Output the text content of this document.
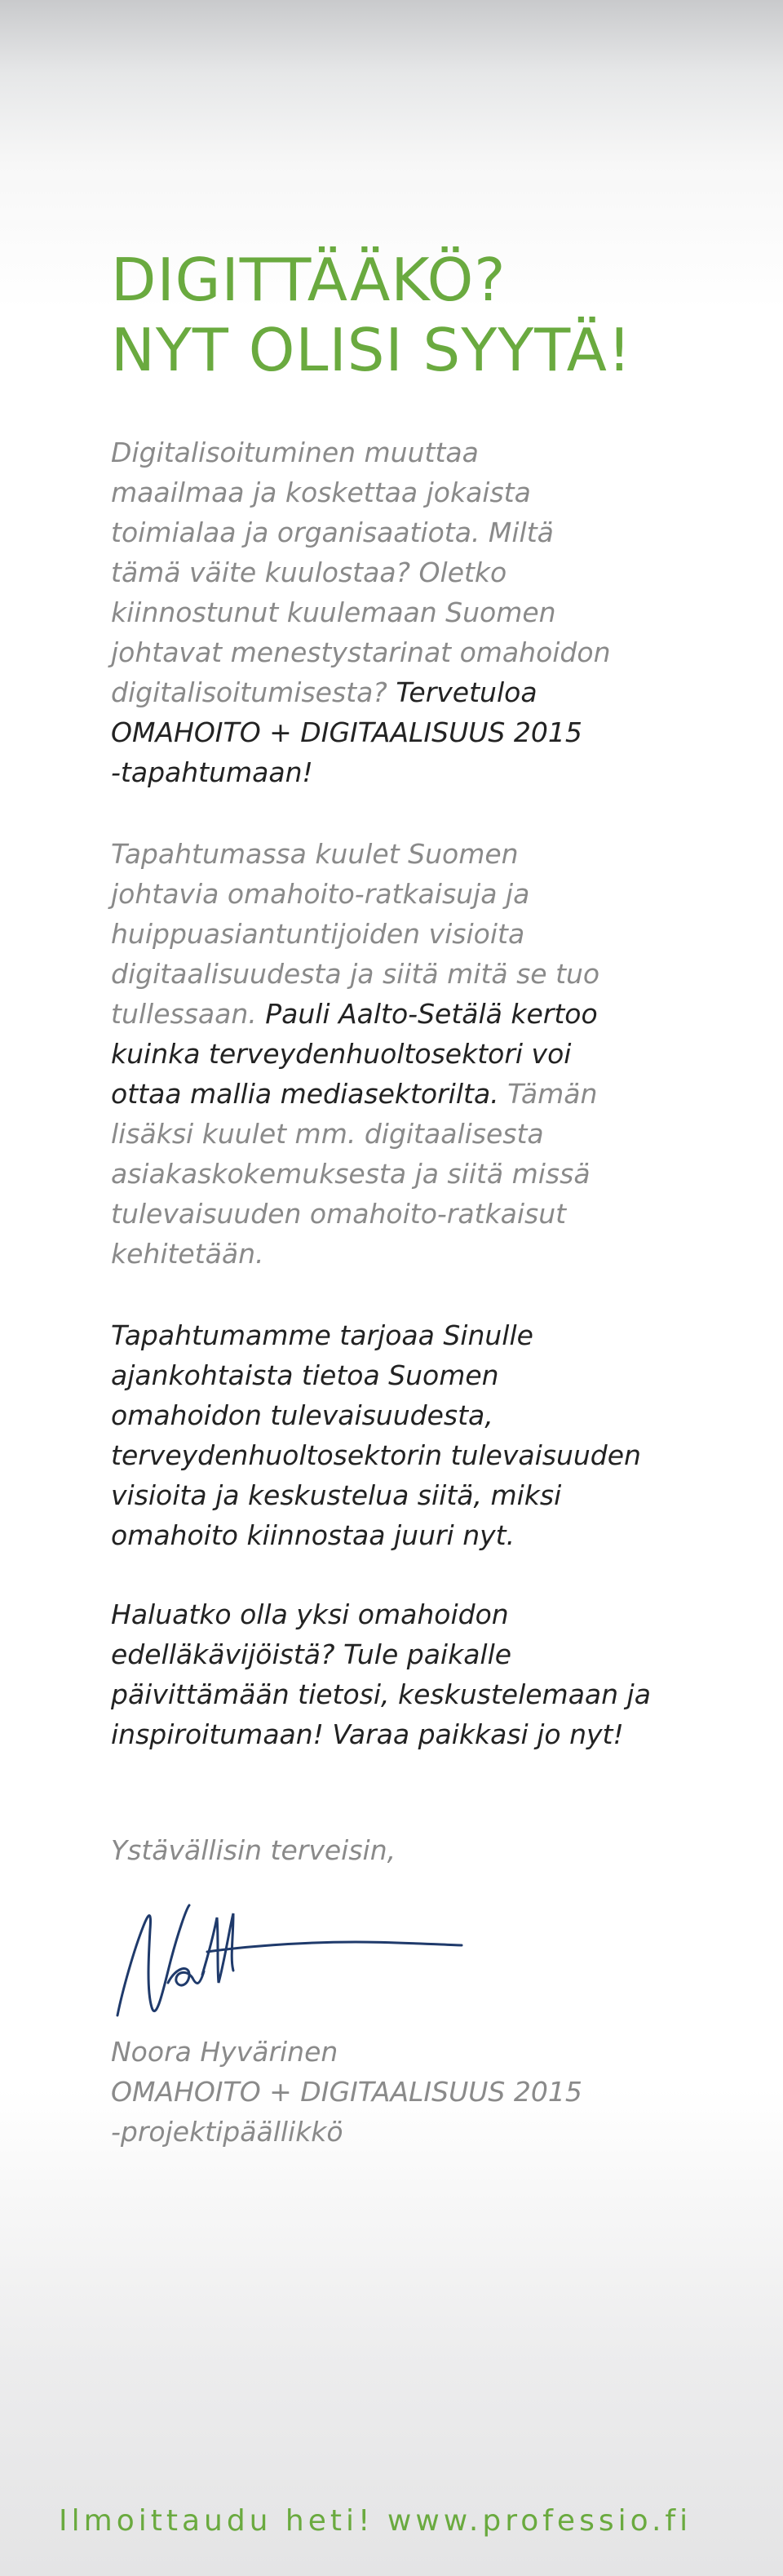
DIGITTÄÄKÖ?
NYT OLISI SYYTÄ!

Digitalisoituminen muuttaa
maailmaa ja koskettaa jokaista
toimialaa ja organisaatiota. Miltä
tämä väite kuulostaa? Oletko
kiinnostunut kuulemaan Suomen
johtavat menestystarinat omahoidon
digitalisoitumisesta? Tervetuloa
OMAHOITO + DIGITAALISUUS 2015
-tapahtumaan!

Tapahtumassa kuulet Suomen
johtavia omahoito-ratkaisuja ja
huippuasiantuntijoiden visioita
digitaalisuudesta ja siitä mitä se tuo
tullessaan. Pauli Aalto-Setälä kertoo
kuinka terveydenhuoltosektori voi
ottaa mallia mediasektorilta. Tämän
lisäksi kuulet mm. digitaalisesta
asiakaskokemuksesta ja siitä missä
tulevaisuuden omahoito-ratkaisut
kehitetään.

Tapahtumamme tarjoaa Sinulle
ajankohtaista tietoa Suomen
omahoidon tulevaisuudesta,
terveydenhuoltosektorin tulevaisuuden
visioita ja keskustelua siitä, miksi
omahoito kiinnostaa juuri nyt.

Haluatko olla yksi omahoidon
edelläkävijöistä? Tule paikalle
päivittämään tietosi, keskustelemaan ja
inspiroitumaan! Varaa paikkasi jo nyt!

Ystävällisin terveisin,

Noora Hyvärinen
OMAHOITO + DIGITAALISUUS 2015
-projektipäällikkö

Ilmoittaudu heti! www.professio.fi
